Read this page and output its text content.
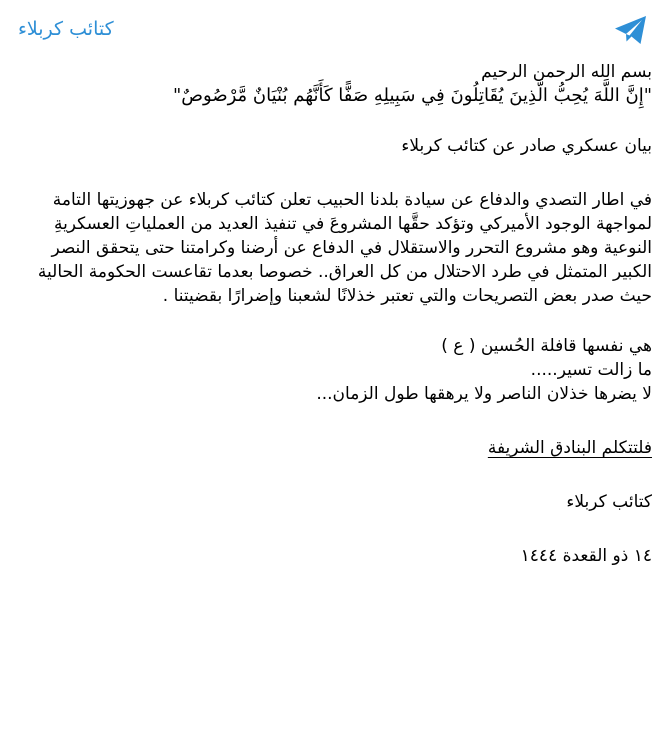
كتائب كربلاء

بسم الله الرحمن الرحيم

"إِنَّ اللَّهَ يُحِبُّ الَّذِينَ يُقَاتِلُونَ فِي سَبِيلِهِ صَفًّا كَأَنَّهُم بُنْيَانٌ مَّرْصُوصٌ"

بيان عسكري صادر عن كتائب كربلاء

في اطار التصدي والدفاع عن سيادة بلدنا الحبيب تعلن كتائب كربلاء عن جهوزيتها التامة لمواجهة الوجود الأميركي وتؤكد حقَّها المشروعَ في تنفيذ العديد من العملياتِ العسكريةِ النوعية وهو مشروع التحرر والاستقلال في الدفاع عن أرضنا وكرامتنا حتى يتحقق النصر الكبير المتمثل في طرد الاحتلال من كل العراق.. خصوصا بعدما تقاعست الحكومة الحالية حيث صدر بعض التصريحات والتي تعتبر خذلانًا لشعبنا وإضرارًا بقضيتنا .

هي نفسها قافلة الحُسين ( ع )

ما زالت تسير.....

لا يضرها خذلان الناصر ولا يرهقها طول الزمان...

فلتتكلم البنادق الشريفة

كتائب كربلاء

١٤ ذو القعدة ١٤٤٤
